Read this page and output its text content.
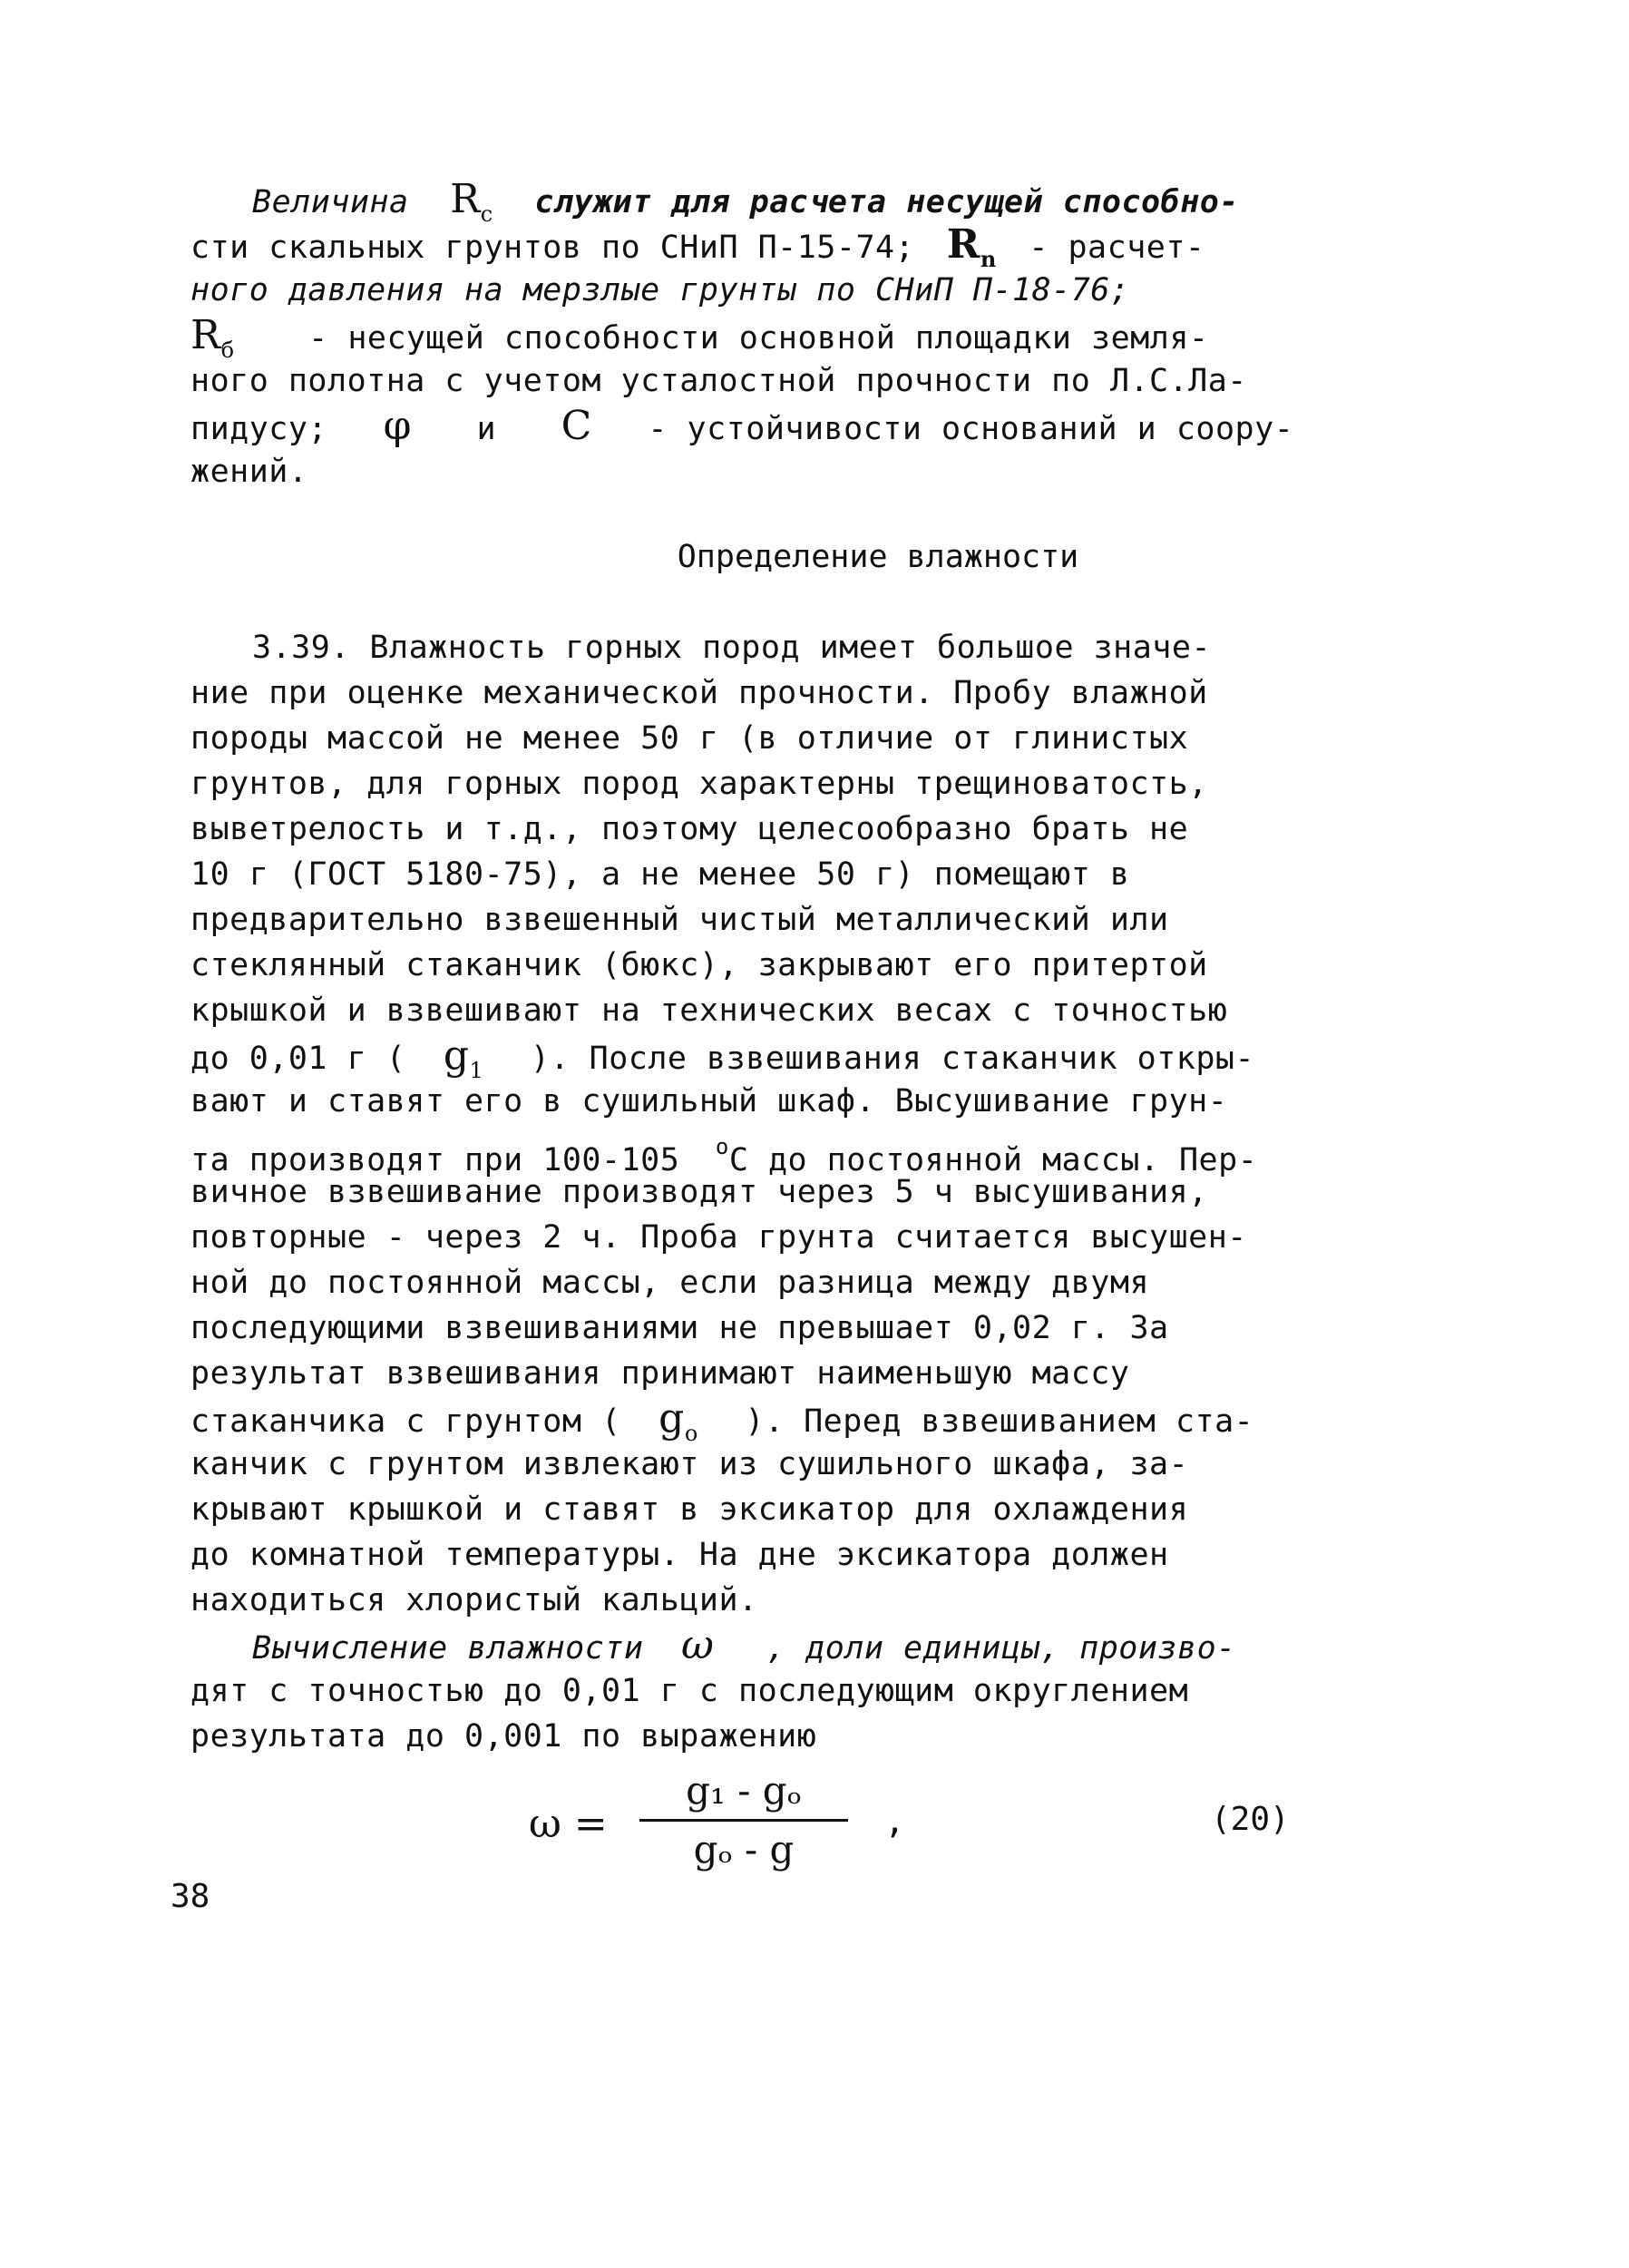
Величина $R_с$ служит для расчета несущей способно-
сти скальных грунтов по СНиП П-15-74; $R_n$ - расчет-
ного давления на мерзлые грунты по СНиП П-18-76;
$R_б$ - несущей способности основной площадки земля-
ного полотна с учетом усталостной прочности по Л.С.Ла-
пидусу; φ и С - устойчивости оснований и соору-
жений.
Определение влажности
3.39. Влажность горных пород имеет большое значе-
ние при оценке механической прочности. Пробу влажной
породы массой не менее 50 г (в отличие от глинистых
грунтов, для горных пород характерны трещиноватость,
выветрелость и т.д., поэтому целесообразно брать не
10 г (ГОСТ 5180-75), а не менее 50 г) помещают в
предварительно взвешенный чистый металлический или
стеклянный стаканчик (бюкс), закрывают его притертой
крышкой и взвешивают на технических весах с точностью
до 0,01 г ( $g_1$ ). После взвешивания стаканчик откры-
вают и ставят его в сушильный шкаф. Высушивание грун-
та производят при 100-105 $^о$С до постоянной массы. Пер-
вичное взвешивание производят через 5 ч высушивания,
повторные - через 2 ч. Проба грунта считается высушен-
ной до постоянной массы, если разница между двумя
последующими взвешиваниями не превышает 0,02 г. За
результат взвешивания принимают наименьшую массу
стаканчика с грунтом ( $g_o$ ). Перед взвешиванием ста-
канчик с грунтом извлекают из сушильного шкафа, за-
крывают крышкой и ставят в эксикатор для охлаждения
до комнатной температуры. На дне эксикатора должен
находиться хлористый кальций.
Вычисление влажности ω , доли единицы, произво-
дят с точностью до 0,01 г с последующим округлением
результата до 0,001 по выражению
ω =
g₁ - gₒ
gₒ - g
,	(20)
38
